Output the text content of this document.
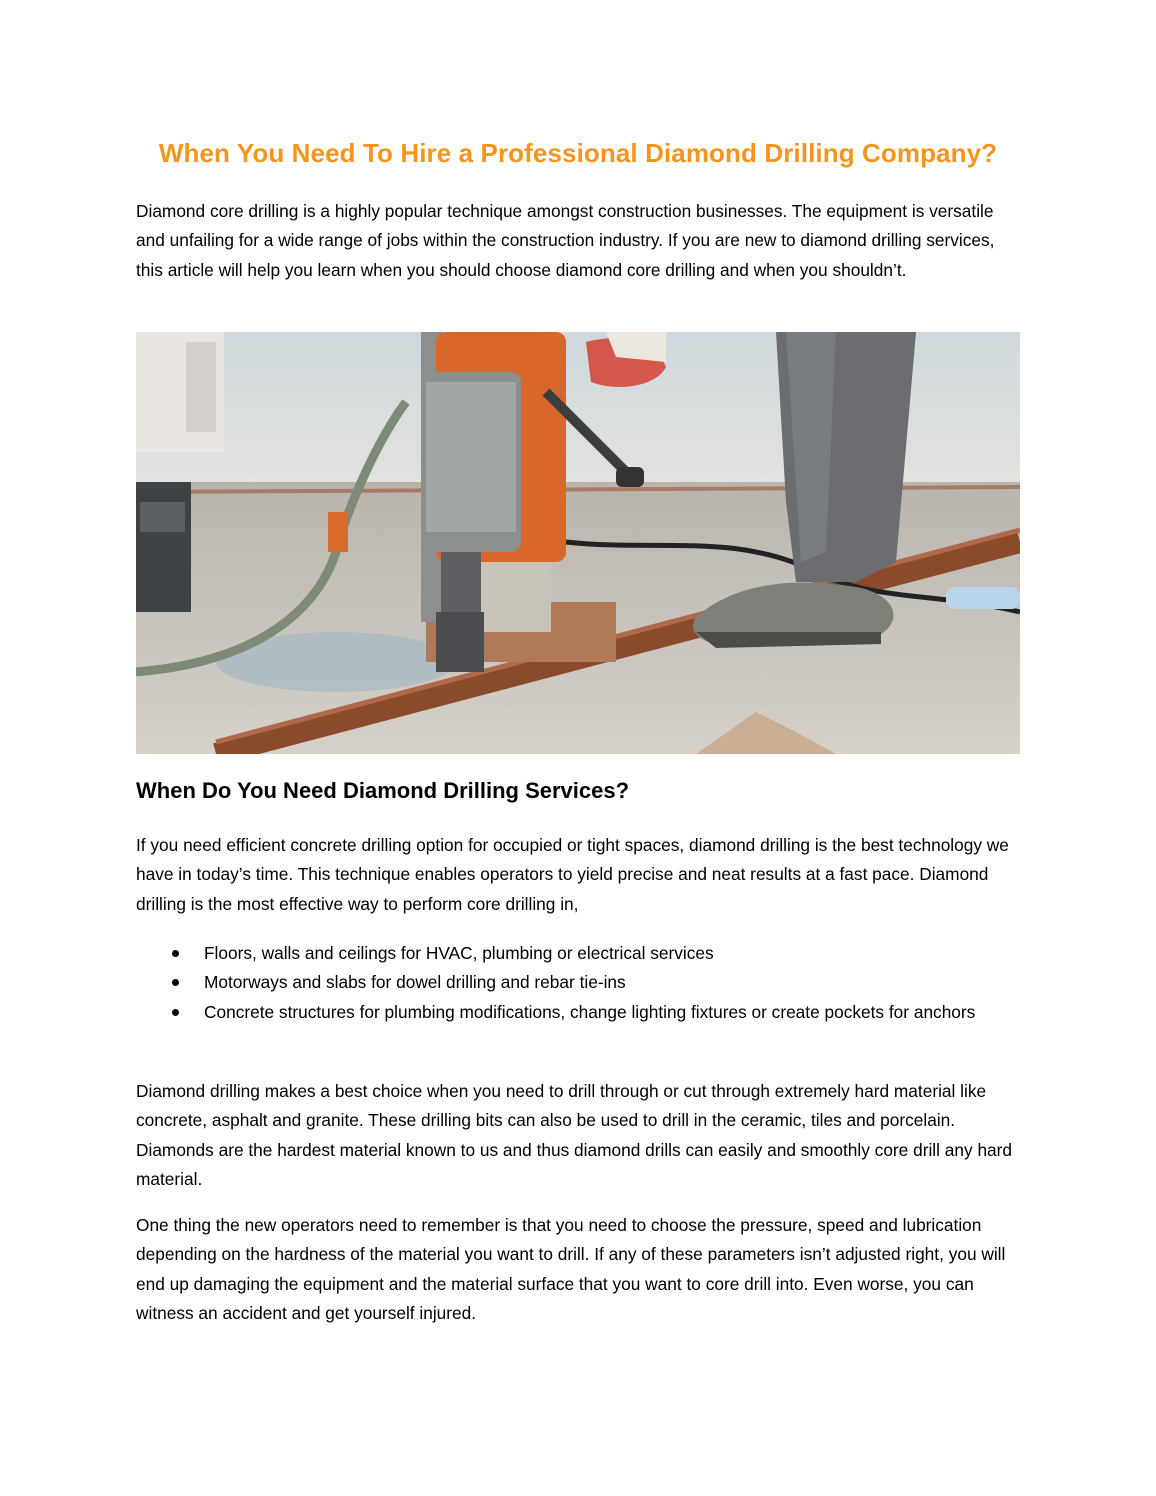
When You Need To Hire a Professional Diamond Drilling Company?

Diamond core drilling is a highly popular technique amongst construction businesses. The equipment is versatile and unfailing for a wide range of jobs within the construction industry. If you are new to diamond drilling services, this article will help you learn when you should choose diamond core drilling and when you shouldn’t.

When Do You Need Diamond Drilling Services?

If you need efficient concrete drilling option for occupied or tight spaces, diamond drilling is the best technology we have in today’s time. This technique enables operators to yield precise and neat results at a fast pace. Diamond drilling is the most effective way to perform core drilling in,

Floors, walls and ceilings for HVAC, plumbing or electrical services
Motorways and slabs for dowel drilling and rebar tie-ins
Concrete structures for plumbing modifications, change lighting fixtures or create pockets for anchors

Diamond drilling makes a best choice when you need to drill through or cut through extremely hard material like concrete, asphalt and granite. These drilling bits can also be used to drill in the ceramic, tiles and porcelain. Diamonds are the hardest material known to us and thus diamond drills can easily and smoothly core drill any hard material.

One thing the new operators need to remember is that you need to choose the pressure, speed and lubrication depending on the hardness of the material you want to drill. If any of these parameters isn’t adjusted right, you will end up damaging the equipment and the material surface that you want to core drill into. Even worse, you can witness an accident and get yourself injured.
